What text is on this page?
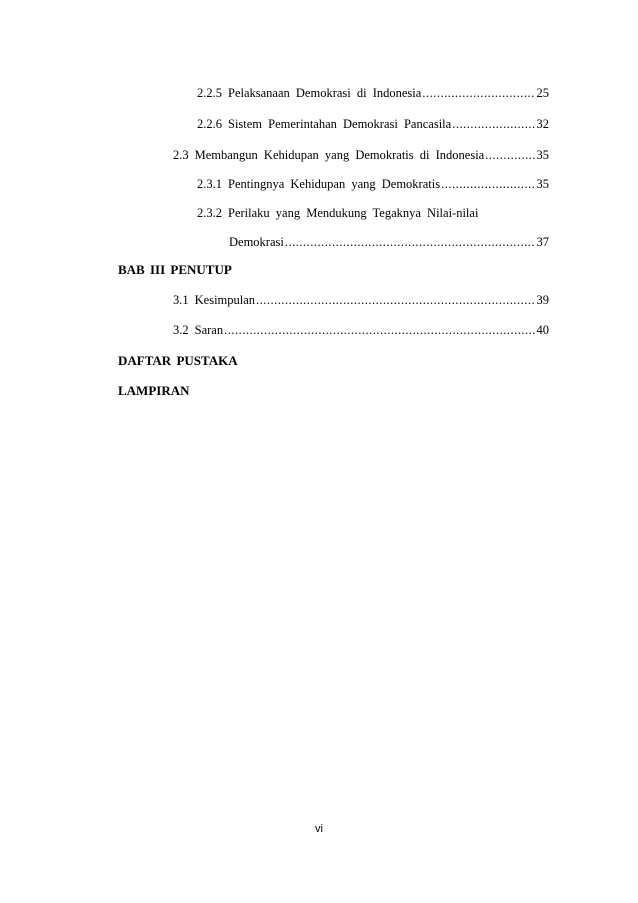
2.2.5 Pelaksanaan Demokrasi di Indonesia .....	25
2.2.6 Sistem Pemerintahan Demokrasi Pancasila .....	32
2.3 Membangun Kehidupan yang Demokratis di Indonesia .....	35
2.3.1 Pentingnya Kehidupan yang Demokratis .....	35
2.3.2 Perilaku yang Mendukung Tegaknya Nilai-nilai
Demokrasi .....	37
BAB III PENUTUP
3.1 Kesimpulan .....	39
3.2 Saran .....	40
DAFTAR PUSTAKA
LAMPIRAN
vi
